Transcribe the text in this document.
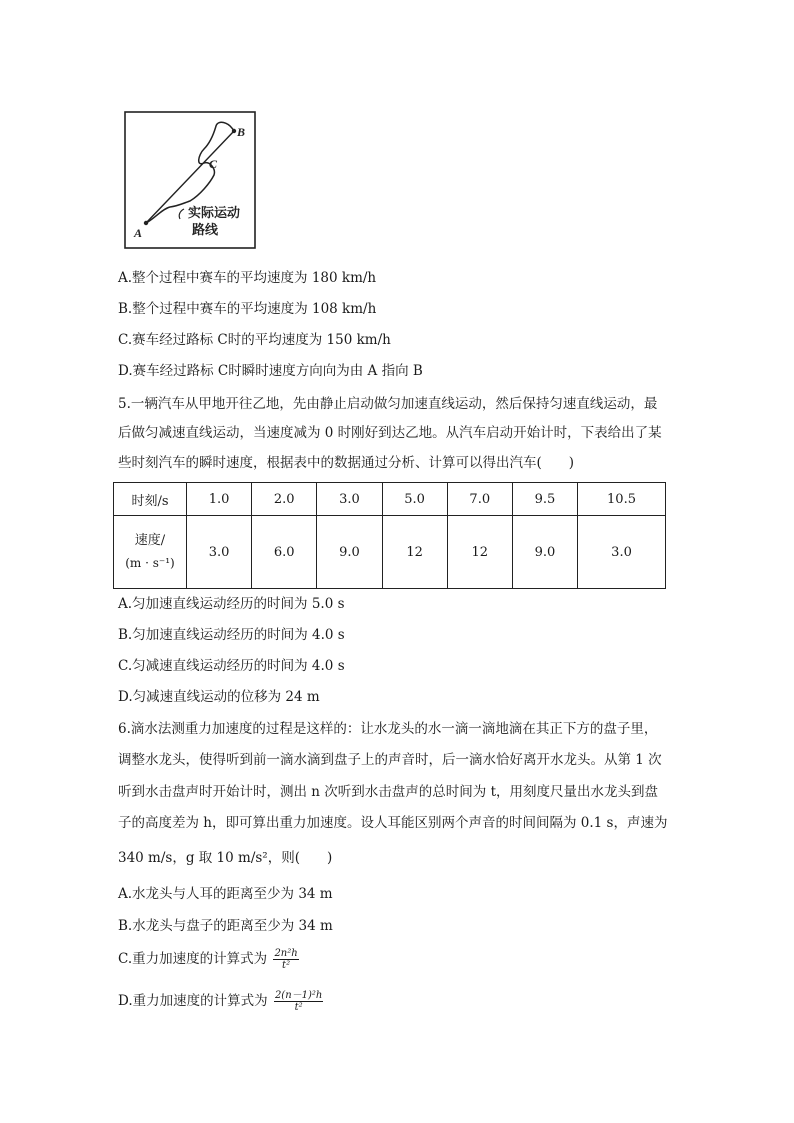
A
B
C
实际运动
路线
A.整个过程中赛车的平均速度为 180 km/h
B.整个过程中赛车的平均速度为 108 km/h
C.赛车经过路标 C时的平均速度为 150 km/h
D.赛车经过路标 C时瞬时速度方向向为由 A 指向 B
5.一辆汽车从甲地开往乙地，先由静止启动做匀加速直线运动，然后保持匀速直线运动，最
后做匀减速直线运动，当速度减为 0 时刚好到达乙地。从汽车启动开始计时，下表给出了某
些时刻汽车的瞬时速度，根据表中的数据通过分析、计算可以得出汽车(　　)
时刻/s	1.0	2.0	3.0	5.0	7.0	9.5	10.5

速度/
(m · s⁻¹)	3.0	6.0	9.0	12	12	9.0	3.0
A.匀加速直线运动经历的时间为 5.0 s
B.匀加速直线运动经历的时间为 4.0 s
C.匀减速直线运动经历的时间为 4.0 s
D.匀减速直线运动的位移为 24 m
6.滴水法测重力加速度的过程是这样的：让水龙头的水一滴一滴地滴在其正下方的盘子里，
调整水龙头，使得听到前一滴水滴到盘子上的声音时，后一滴水恰好离开水龙头。从第 1 次
听到水击盘声时开始计时，测出 n 次听到水击盘声的总时间为 t，用刻度尺量出水龙头到盘
子的高度差为 h，即可算出重力加速度。设人耳能区别两个声音的时间间隔为 0.1 s，声速为
340 m/s，g 取 10 m/s²，则(　　)
A.水龙头与人耳的距离至少为 34 m
B.水龙头与盘子的距离至少为 34 m
C.重力加速度的计算式为 $\frac{\text{2n²h}}{\text{t²}}$
D.重力加速度的计算式为 $\frac{\text{2(n－1)²h}}{\text{t²}}$
